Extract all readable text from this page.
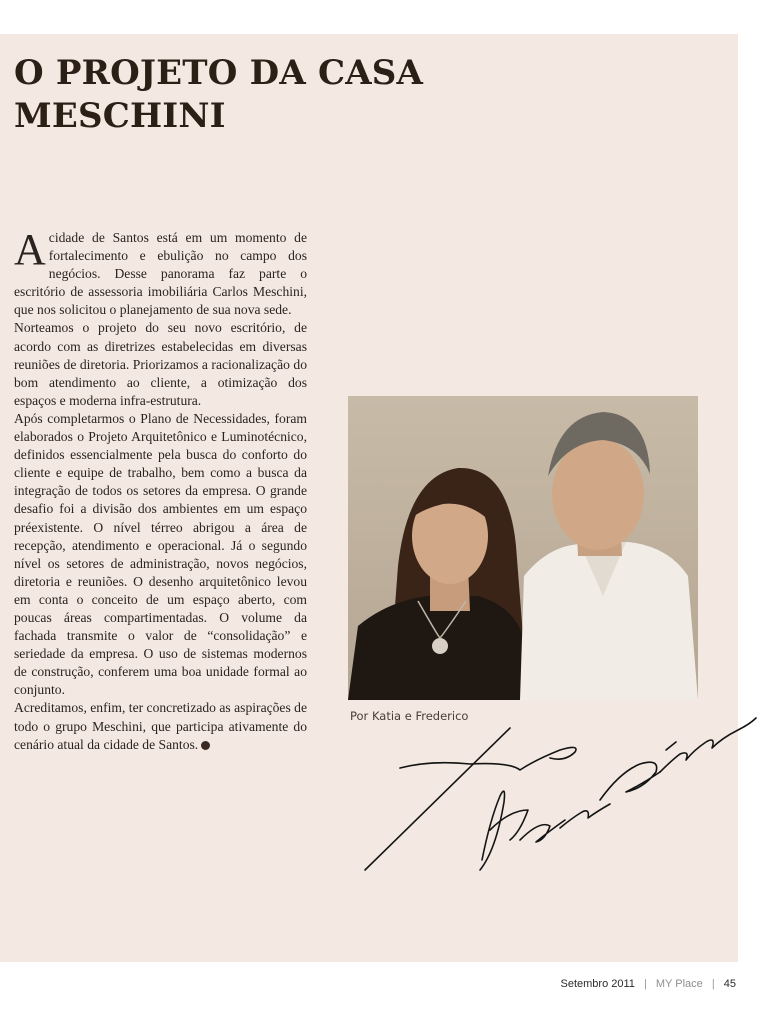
O PROJETO DA CASA
MESCHINI

A cidade de Santos está em um momento de fortalecimento e ebulição no campo dos negócios. Desse panorama faz parte o escritório de assessoria imobiliária Carlos Meschini, que nos solicitou o planejamento de sua nova sede.

Norteamos o projeto do seu novo escritório, de acordo com as diretrizes estabelecidas em diversas reuniões de diretoria. Priorizamos a racionalização do bom atendimento ao cliente, a otimização dos espaços e moderna infra-estrutura.

Após completarmos o Plano de Necessidades, foram elaborados o Projeto Arquitetônico e Luminotécnico, definidos essencialmente pela busca do conforto do cliente e equipe de trabalho, bem como a busca da integração de todos os setores da empresa. O grande desafio foi a divisão dos ambientes em um espaço préexistente. O nível térreo abrigou a área de recepção, atendimento e operacional. Já o segundo nível os setores de administração, novos negócios, diretoria e reuniões. O desenho arquitetônico levou em conta o conceito de um espaço aberto, com poucas áreas compartimentadas. O volume da fachada transmite o valor de “consolidação” e seriedade da empresa. O uso de sistemas modernos de construção, conferem uma boa unidade formal ao conjunto.

Acreditamos, enfim, ter concretizado as aspirações de todo o grupo Meschini, que participa ativamente do cenário atual da cidade de Santos.

Por Katia e Frederico
Setembro 2011 | MY Place | 45
